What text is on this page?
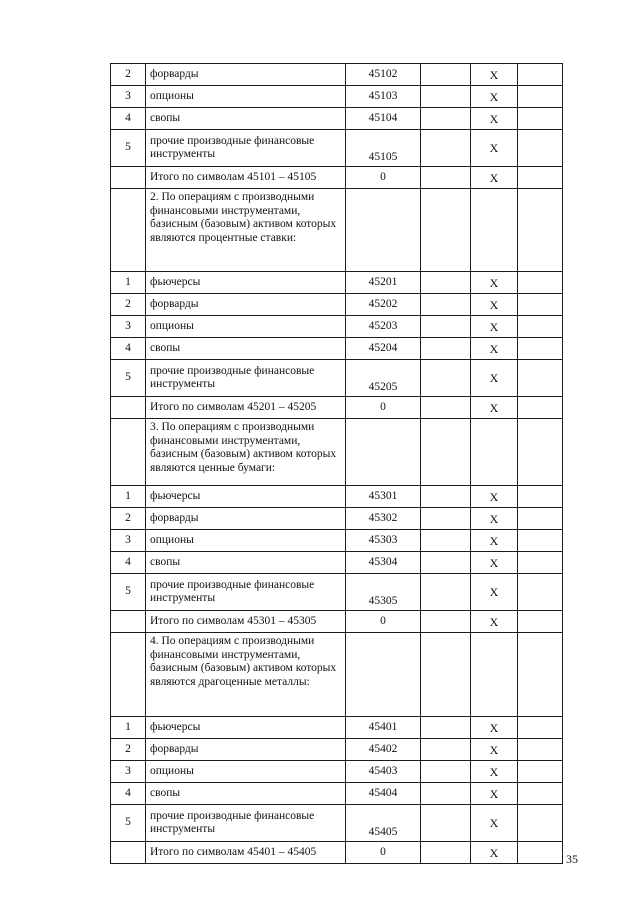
2	форварды	45102		X	
3	опционы	45103		X	
4	свопы	45104		X	
5	прочие производные финансовые инструменты	45105		X	
	Итого по символам 45101 – 45105	0		X	
	2. По операциям с производными финансовыми инструментами, базисным (базовым) активом которых являются процентные ставки:				
1	фьючерсы	45201		X	
2	форварды	45202		X	
3	опционы	45203		X	
4	свопы	45204		X	
5	прочие производные финансовые инструменты	45205		X	
	Итого по символам 45201 – 45205	0		X	
	3. По операциям с производными финансовыми инструментами, базисным (базовым) активом которых являются ценные бумаги:				
1	фьючерсы	45301		X	
2	форварды	45302		X	
3	опционы	45303		X	
4	свопы	45304		X	
5	прочие производные финансовые инструменты	45305		X	
	Итого по символам 45301 – 45305	0		X	
	4. По операциям с производными финансовыми инструментами, базисным (базовым) активом которых являются драгоценные металлы:				
1	фьючерсы	45401		X	
2	форварды	45402		X	
3	опционы	45403		X	
4	свопы	45404		X	
5	прочие производные финансовые инструменты	45405		X	
	Итого по символам 45401 – 45405	0		X		35
